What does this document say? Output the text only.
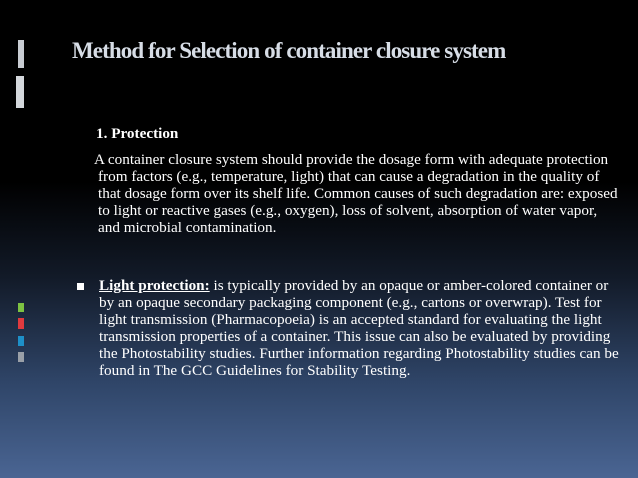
Method for Selection of container closure system
1. Protection
A container closure system should provide the dosage form with adequate protection from factors (e.g., temperature, light) that can cause a degradation in the quality of that dosage form over its shelf life. Common causes of such degradation are: exposed to light or reactive gases (e.g., oxygen), loss of solvent, absorption of water vapor, and microbial contamination.
Light protection: is typically provided by an opaque or amber-colored container or by an opaque secondary packaging component (e.g., cartons or overwrap). Test for light transmission (Pharmacopoeia) is an accepted standard for evaluating the light transmission properties of a container. This issue can also be evaluated by providing the Photostability studies. Further information regarding Photostability studies can be found in The GCC Guidelines for Stability Testing.
